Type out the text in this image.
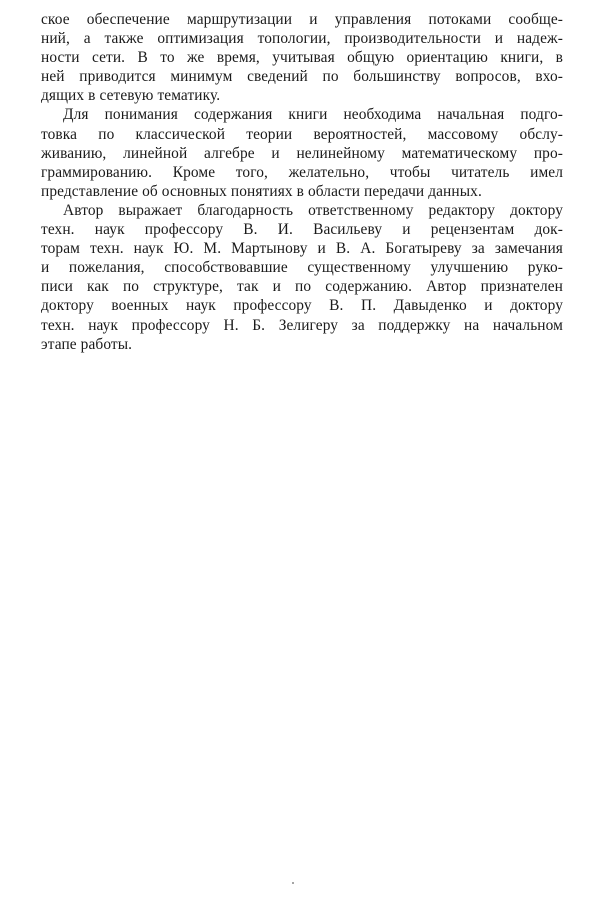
ское обеспечение маршрутизации и управления потоками сообще-
ний, а также оптимизация топологии, производительности и надеж-
ности сети. В то же время, учитывая общую ориентацию книги, в
ней приводится минимум сведений по большинству вопросов, вхо-
дящих в сетевую тематику.
Для понимания содержания книги необходима начальная подго-
товка по классической теории вероятностей, массовому обслу-
живанию, линейной алгебре и нелинейному математическому про-
граммированию. Кроме того, желательно, чтобы читатель имел
представление об основных понятиях в области передачи данных.
Автор выражает благодарность ответственному редактору доктору
техн. наук профессору В. И. Васильеву и рецензентам док-
торам техн. наук Ю. М. Мартынову и В. А. Богатыреву за замечания
и пожелания, способствовавшие существенному улучшению руко-
писи как по структуре, так и по содержанию. Автор признателен
доктору военных наук профессору В. П. Давыденко и доктору
техн. наук профессору Н. Б. Зелигеру за поддержку на начальном
этапе работы.
